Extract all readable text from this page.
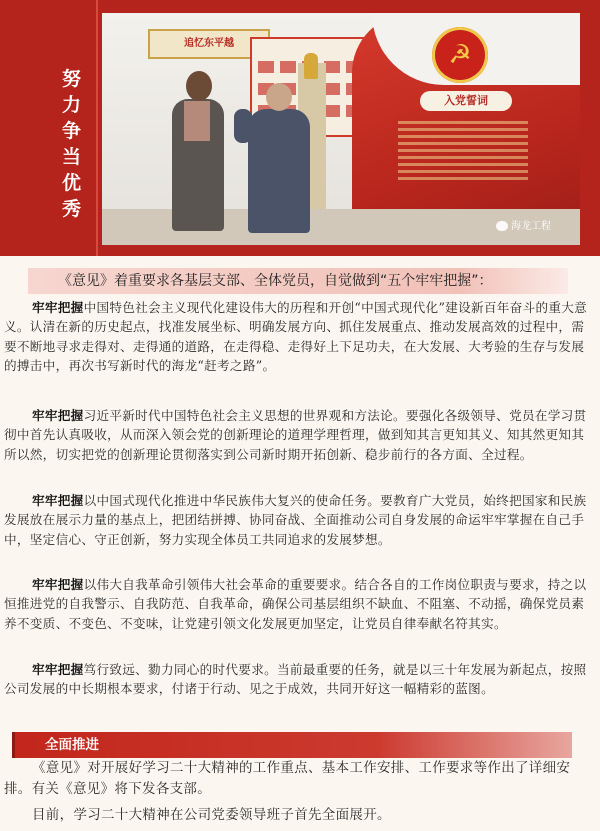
努力争当优秀
追忆东平越	☭
入党誓词
海龙工程
《意见》着重要求各基层支部、全体党员，自觉做到“五个牢牢把握”：
牢牢把握中国特色社会主义现代化建设伟大的历程和开创“中国式现代化”建设新百年奋斗的重大意义。认清在新的历史起点，找准发展坐标、明确发展方向、抓住发展重点、推动发展高效的过程中，需要不断地寻求走得对、走得通的道路，在走得稳、走得好上下足功夫，在大发展、大考验的生存与发展的搏击中，再次书写新时代的海龙“赶考之路”。
牢牢把握习近平新时代中国特色社会主义思想的世界观和方法论。要强化各级领导、党员在学习贯彻中首先认真吸收，从而深入领会党的创新理论的道理学理哲理，做到知其言更知其义、知其然更知其所以然，切实把党的创新理论贯彻落实到公司新时期开拓创新、稳步前行的各方面、全过程。
牢牢把握以中国式现代化推进中华民族伟大复兴的使命任务。要教育广大党员，始终把国家和民族发展放在展示力量的基点上，把团结拼搏、协同奋战、全面推动公司自身发展的命运牢牢掌握在自己手中，坚定信心、守正创新，努力实现全体员工共同追求的发展梦想。
牢牢把握以伟大自我革命引领伟大社会革命的重要要求。结合各自的工作岗位职责与要求，持之以恒推进党的自我警示、自我防范、自我革命，确保公司基层组织不缺血、不阻塞、不动摇，确保党员素养不变质、不变色、不变味，让党建引领文化发展更加坚定，让党员自律奉献名符其实。
牢牢把握笃行致远、勠力同心的时代要求。当前最重要的任务，就是以三十年发展为新起点，按照公司发展的中长期根本要求，付诸于行动、见之于成效，共同开好这一幅精彩的蓝图。
全面推进
《意见》对开展好学习二十大精神的工作重点、基本工作安排、工作要求等作出了详细安排。有关《意见》将下发各支部。
目前，学习二十大精神在公司党委领导班子首先全面展开。
